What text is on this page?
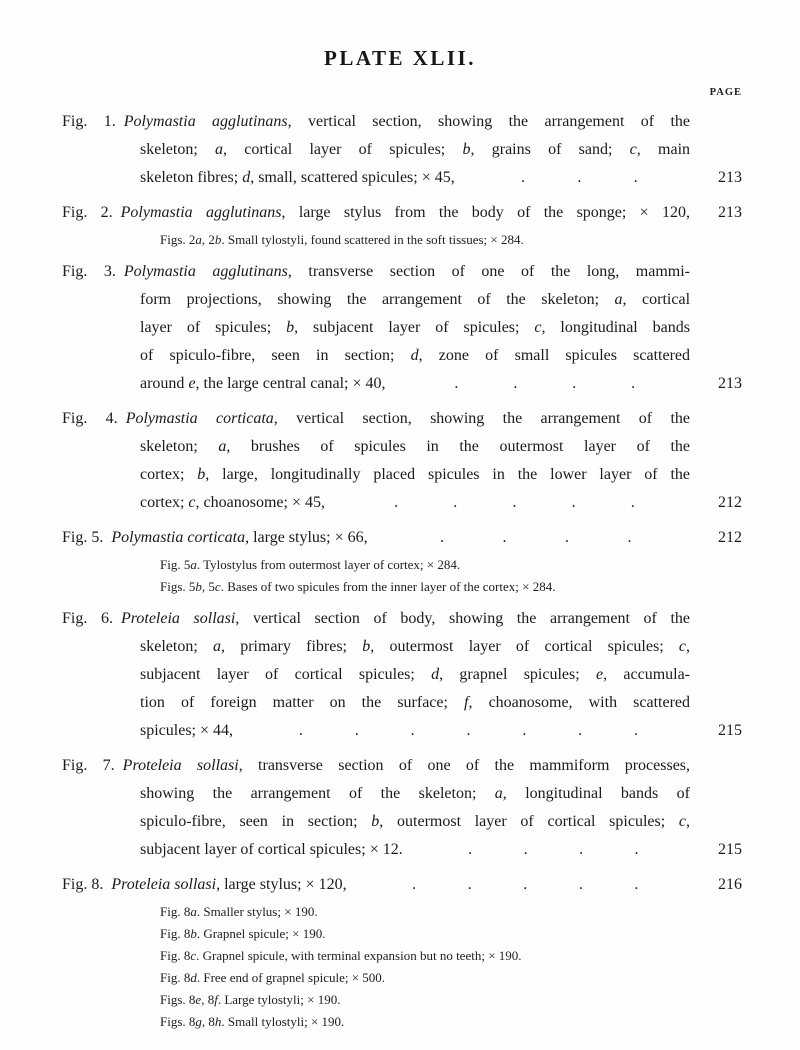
PLATE XLII.
PAGE
Fig. 1. Polymastia agglutinans, vertical section, showing the arrangement of the
skeleton; a, cortical layer of spicules; b, grains of sand; c, main
skeleton fibres; d, small, scattered spicules; × 45,	.	.	.	213
Fig. 2. Polymastia agglutinans, large stylus from the body of the sponge; × 120, 213
Figs. 2a, 2b. Small tylostyli, found scattered in the soft tissues; × 284.
Fig. 3. Polymastia agglutinans, transverse section of one of the long, mammi-
form projections, showing the arrangement of the skeleton; a, cortical
layer of spicules; b, subjacent layer of spicules; c, longitudinal bands
of spiculo-fibre, seen in section; d, zone of small spicules scattered
around e, the large central canal; × 40,	.	.	.	.	213
Fig. 4. Polymastia corticata, vertical section, showing the arrangement of the
skeleton; a, brushes of spicules in the outermost layer of the
cortex; b, large, longitudinally placed spicules in the lower layer of the
cortex; c, choanosome; × 45,	.	.	.	.	.	212
Fig. 5. Polymastia corticata, large stylus; × 66,	.	.	.	.	212
Fig. 5a. Tylostylus from outermost layer of cortex; × 284.
Figs. 5b, 5c. Bases of two spicules from the inner layer of the cortex; × 284.
Fig. 6. Proteleia sollasi, vertical section of body, showing the arrangement of the
skeleton; a, primary fibres; b, outermost layer of cortical spicules; c,
subjacent layer of cortical spicules; d, grapnel spicules; e, accumula-
tion of foreign matter on the surface; f, choanosome, with scattered
spicules; × 44,	.	.	.	.	.	.	.	215
Fig. 7. Proteleia sollasi, transverse section of one of the mammiform processes,
showing the arrangement of the skeleton; a, longitudinal bands of
spiculo-fibre, seen in section; b, outermost layer of cortical spicules; c,
subjacent layer of cortical spicules; × 12.	.	.	.	.	215
Fig. 8. Proteleia sollasi, large stylus; × 120,	.	.	.	.	.	216
Fig. 8a. Smaller stylus; × 190.
Fig. 8b. Grapnel spicule; × 190.
Fig. 8c. Grapnel spicule, with terminal expansion but no teeth; × 190.
Fig. 8d. Free end of grapnel spicule; × 500.
Figs. 8e, 8f. Large tylostyli; × 190.
Figs. 8g, 8h. Small tylostyli; × 190.
